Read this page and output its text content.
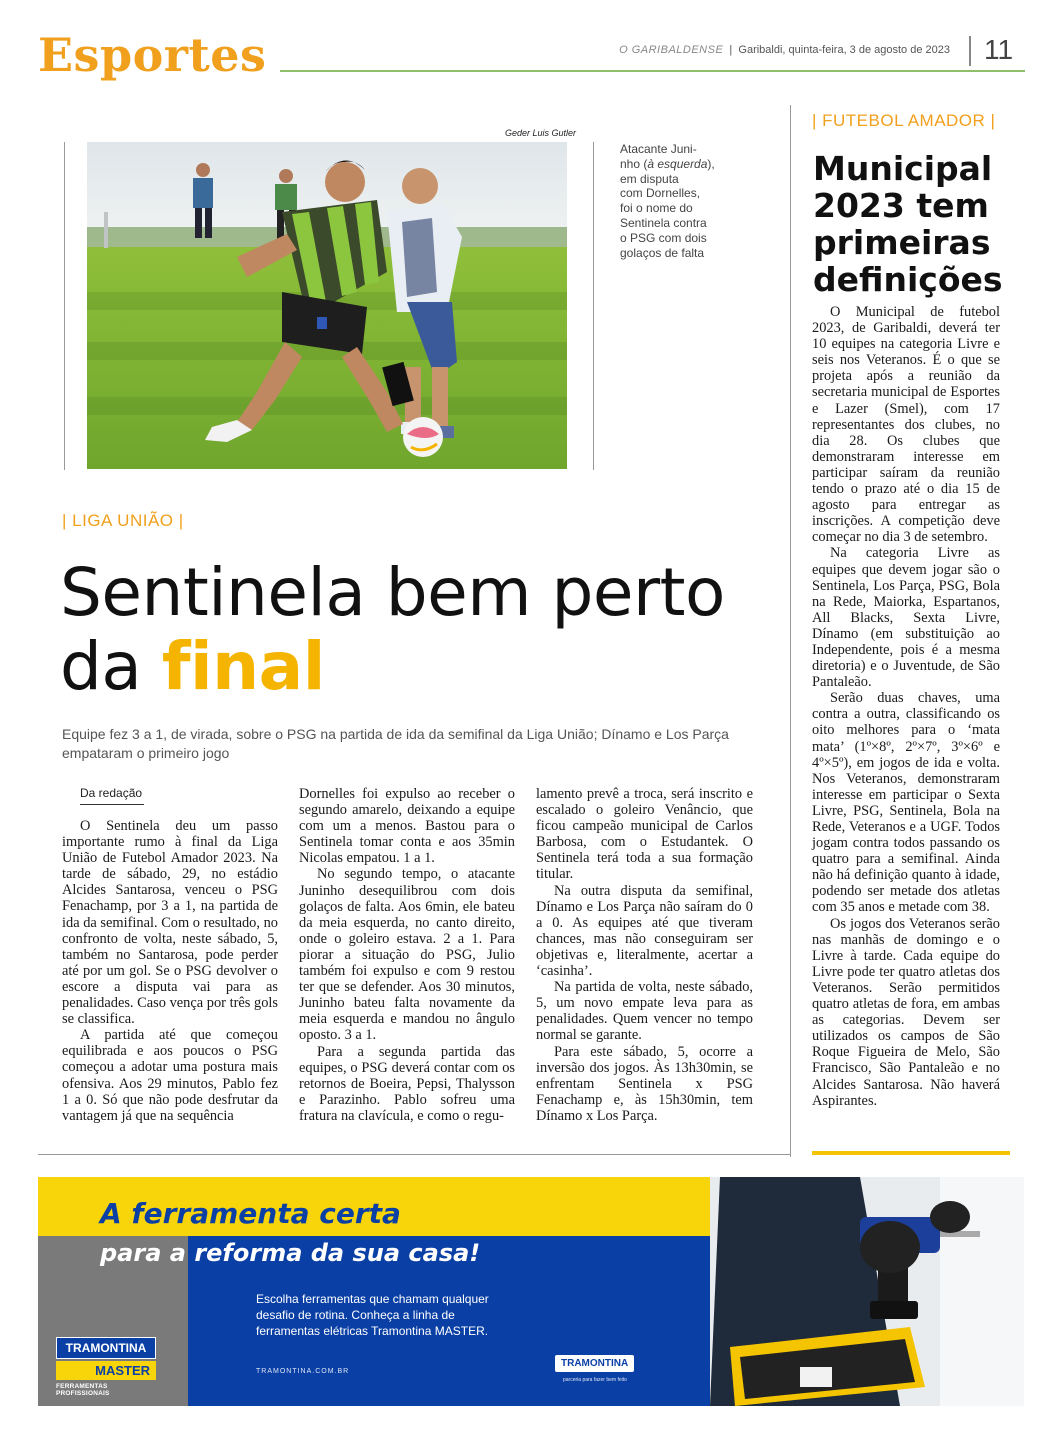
Esportes	O GARIBALDENSE  |  Garibaldi, quinta-feira, 3 de agosto de 2023 11
Geder Luis Gutler
Atacante Juni-
nho (à esquerda),
em disputa
com Dornelles,
foi o nome do
Sentinela contra
o PSG com dois
golaços de falta
| LIGA UNIÃO |
Sentinela bem perto
da final
Equipe fez 3 a 1, de virada, sobre o PSG na partida de ida da semifinal da Liga União; Dínamo e Los Parça empataram o primeiro jogo
Da redação

O Sentinela deu um passo importante rumo à final da Liga União de Futebol Amador 2023. Na tarde de sábado, 29, no estádio Alcides Santarosa, venceu o PSG Fenachamp, por 3 a 1, na partida de ida da semifinal. Com o resultado, no confronto de volta, neste sábado, 5, também no Santarosa, pode perder até por um gol. Se o PSG devolver o escore a disputa vai para as penalidades. Caso vença por três gols se classifica.

A partida até que começou equilibrada e aos poucos o PSG começou a adotar uma postura mais ofensiva. Aos 29 minutos, Pablo fez 1 a 0. Só que não pode desfrutar da vantagem já que na sequência

Dornelles foi expulso ao receber o segundo amarelo, deixando a equipe com um a menos. Bastou para o Sentinela tomar conta e aos 35min Nicolas empatou. 1 a 1.

No segundo tempo, o atacante Juninho desequilibrou com dois golaços de falta. Aos 6min, ele bateu da meia esquerda, no canto direito, onde o goleiro estava. 2 a 1. Para piorar a situação do PSG, Julio também foi expulso e com 9 restou ter que se defender. Aos 30 minutos, Juninho bateu falta novamente da meia esquerda e mandou no ângulo oposto. 3 a 1.

Para a segunda partida das equipes, o PSG deverá contar com os retornos de Boeira, Pepsi, Thalysson e Parazinho. Pablo sofreu uma fratura na clavícula, e como o regu-

lamento prevê a troca, será inscrito e escalado o goleiro Venâncio, que ficou campeão municipal de Carlos Barbosa, com o Estudantek. O Sentinela terá toda a sua formação titular.

Na outra disputa da semifinal, Dínamo e Los Parça não saíram do 0 a 0. As equipes até que tiveram chances, mas não conseguiram ser objetivas e, literalmente, acertar a ‘casinha’.

Na partida de volta, neste sábado, 5, um novo empate leva para as penalidades. Quem vencer no tempo normal se garante.

Para este sábado, 5, ocorre a inversão dos jogos. Às 13h30min, se enfrentam Sentinela x PSG Fenachamp e, às 15h30min, tem Dínamo x Los Parça.

| FUTEBOL AMADOR |
Municipal
2023 tem
primeiras
definições

O Municipal de futebol 2023, de Garibaldi, deverá ter 10 equipes na categoria Livre e seis nos Veteranos. É o que se projeta após a reunião da secretaria municipal de Esportes e Lazer (Smel), com 17 representantes dos clubes, no dia 28. Os clubes que demonstraram interesse em participar saíram da reunião tendo o prazo até o dia 15 de agosto para entregar as inscrições. A competição deve começar no dia 3 de setembro.

Na categoria Livre as equipes que devem jogar são o Sentinela, Los Parça, PSG, Bola na Rede, Maiorka, Espartanos, All Blacks, Sexta Livre, Dínamo (em substituição ao Independente, pois é a mesma diretoria) e o Juventude, de São Pantaleão.

Serão duas chaves, uma contra a outra, classificando os oito melhores para o ‘mata mata’ (1º×8º, 2º×7º, 3º×6º e 4º×5º), em jogos de ida e volta. Nos Veteranos, demonstraram interesse em participar o Sexta Livre, PSG, Sentinela, Bola na Rede, Veteranos e a UGF. Todos jogam contra todos passando os quatro para a semifinal. Ainda não há definição quanto à idade, podendo ser metade dos atletas com 35 anos e metade com 38.

Os jogos dos Veteranos serão nas manhãs de domingo e o Livre à tarde. Cada equipe do Livre pode ter quatro atletas dos Veteranos. Serão permitidos quatro atletas de fora, em ambas as categorias. Devem ser utilizados os campos de São Roque Figueira de Melo, São Francisco, São Pantaleão e no Alcides Santarosa. Não haverá Aspirantes.

A ferramenta certa
para a reforma da sua casa!
Escolha ferramentas que chamam qualquer desafio de rotina. Conheça a linha de ferramentas elétricas Tramontina MASTER.
TRAMONTINA.COM.BR
TRAMONTINA
MASTER
FERRAMENTAS PROFISSIONAIS
TRAMONTINA
parceria para fazer bem feito
